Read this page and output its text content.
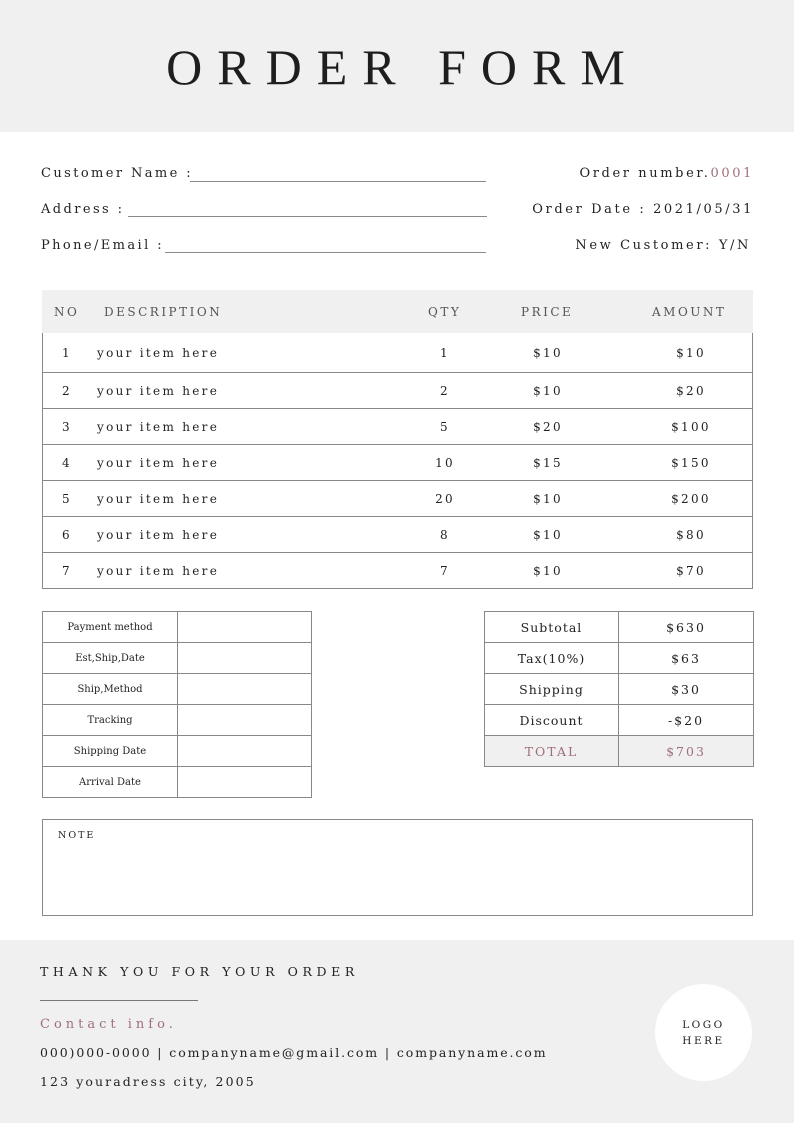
ORDER FORM
Customer Name :
Address :
Phone/Email :
Order number.0001
Order Date : 2021/05/31
New Customer: Y/N
NO DESCRIPTION	QTY	PRICE	AMOUNT
1	your item here	1	$10	$10
2	your item here	2	$10	$20
3	your item here	5	$20	$100
4	your item here	10	$15	$150
5	your item here	20	$10	$200
6	your item here	8	$10	$80
7	your item here	7	$10	$70
Payment method	
Est,Ship,Date	
Ship,Method	
Tracking	
Shipping Date	
Arrival Date	
Subtotal	$630
Tax(10%)	$63
Shipping	$30
Discount	-$20
TOTAL	$703
NOTE
THANK YOU FOR YOUR ORDER
Contact info.
000)000-0000 | companyname@gmail.com | companyname.com
123 youradress city, 2005
LOGO
HERE
